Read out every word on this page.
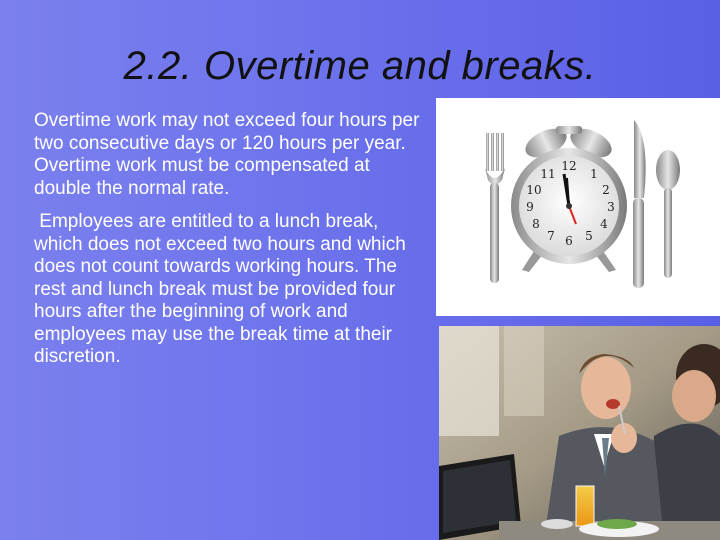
2.2. Overtime and breaks.

Overtime work may not exceed four hours per two consecutive days or 120 hours per year. Overtime work must be compensated at double the normal rate.

Employees are entitled to a lunch break, which does not exceed two hours and which does not count towards working hours. The rest and lunch break must be provided four hours after the beginning of work and employees may use the break time at their discretion.

12
1
2
3
4
5
6
7
8
9
10
11
